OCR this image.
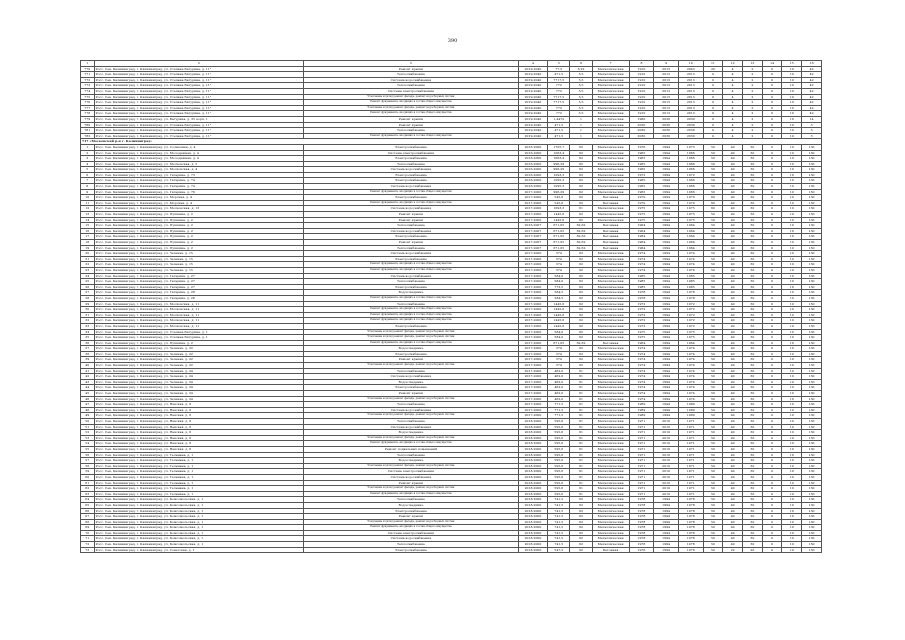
390
1	2	3	4	5	6	7	8	9	10	11	12	13	14	15	16
770	Росс. Сев. Калининград, г. Калининград, ул. Степана Батурина, д. 11"	Ремонт крыши	2019-2040	77,5	6,22	Металлическая	1910	2013	2043	20	4	2	0	10	42
771	Росс. Сев. Калининград, г. Калининград, ул. Степана Батурина, д. 11"	Теплоснабжение	2019-2040	471,5	5,5	Металлическая	1910	2013	2013	0	4	2	0	10	42
772	Росс. Сев. Калининград, г. Калининград, ул. Степана Батурина, д. 11"	Система водоснабжения	2019-2040	7717,5	5,5	Металлическая	1910	2013	2013	0	4	2	0	10	42
773	Росс. Сев. Калининград, г. Калининград, ул. Степана Батурина, д. 11"	Теплоснабжение	2019-2040	772	5,5	Металлическая	1910	2013	2013	0	4	2	0	10	42
774	Росс. Сев. Калининград, г. Калининград, ул. Степана Батурина, д. 11"	Система электроснабжения	2019-2040	772	5,5	Металлическая	1910	2013	2013	0	4	2	0	10	42
775	Росс. Сев. Калининград, г. Калининград, ул. Степана Батурина, д. 11"	Утепление и (или) ремонт фасада, ремонт водосборных систем	2019-2040	7717,5	5,5	Металлическая	1910	2013	2013	0	4	2	0	10	42
776	Росс. Сев. Калининград, г. Калининград, ул. Степана Батурина, д. 11"	Ремонт фундамента, входящих в состав общего имущества	2019-2040	7717,5	5,5	Металлическая	1910	2013	2013	0	4	2	0	10	42
777	Росс. Сев. Калининград, г. Калининград, ул. Степана Батурина, д. 11"	Утепление и (или) ремонт фасада, ремонт водосборных систем	2019-2040	772	5,5	Металлическая	1910	2013	2013	0	4	2	0	10	42
778	Росс. Сев. Калининград, г. Калининград, ул. Степана Батурина, д. 11"	Ремонт фундамента, входящих в состав общего имущества	2019-2040	772	5,5	Металлическая	1910	2013	2013	0	4	2	0	10	42
779	Росс. Сев. Калининград, г. Калининград, ул. Батурина, д. 35 корп. 1	Ремонт крыши	2019-2040	1,4472	1	Металлическая	1980	2030	2030	0	4	2	0	10	14
780	Росс. Сев. Калининград, г. Калининград, ул. Степана Батурина, д. 11"	Ремонт крыши	2019-2040	471,5	1	Металлическая	2030	2030	2030	0	4	2	0	10	3
781	Росс. Сев. Калининград, г. Калининград, ул. Степана Батурина, д. 11"	Теплоснабжение	2019-2040	471,5	1	Металлическая	2030	2030	2030	0	4	2	0	10	3
782	Росс. Сев. Калининград, г. Калининград, ул. Степана Батурина, д. 11"	Ремонт фундамента, входящих в состав общего имущества	2019-2040	471,5	1	Металлическая	2030	2030	2030	0	4	2	0	10	3
717 «Московский р-н г. Калининград»															
1	Росс. Сев. Калининград, г. Калининград, ул. Солнечная, д. 4	Электроснабжение	2016-2000	1705,7	62	Металлическая	1976	1994	1973	50	40	30	0	10	130
2	Росс. Сев. Калининград, г. Калининград, ул. Молодежная, д. 4	Система электроснабжения	2016-2000	1063,4	62	Металлическая	1965	1994	1966	50	40	30	0	10	130
3	Росс. Сев. Калининград, г. Калининград, ул. Молодежная, д. 4	Электроснабжение	2016-2000	1063,4	62	Металлическая	1965	1994	1966	50	40	30	0	10	130
4	Росс. Сев. Калининград, г. Калининград, ул. Московская, д. 5	Теплоснабжение	2016-2000	996,29	62	Металлическая	1965	1994	1966	50	40	30	0	10	130
5	Росс. Сев. Калининград, г. Калининград, ул. Московская, д. 4	Система водоснабжения	2016-2000	996,29	62	Металлическая	1965	1994	1966	50	40	30	0	10	130
6	Росс. Сев. Калининград, г. Калининград, ул. Гагарина, д. 73	Электроснабжение	2016-2000	1093,3	62	Металлическая	1972	1994	1972	50	40	30	0	10	130
7	Росс. Сев. Калининград, г. Калининград, ул. Гагарина, д. 74	Электроснабжение	2016-2000	1095,3	62	Металлическая	1965	1994	1966	50	40	30	0	10	130
8	Росс. Сев. Калининград, г. Калининград, ул. Гагарина, д. 74	Система водоснабжения	2016-2000	1095,3	62	Металлическая	1965	1994	1966	50	40	30	0	10	130
9	Росс. Сев. Калининград, г. Калининград, ул. Гагарина, д. 76	Ремонт фундамента, входящих в состав общего имущества	2017-2000	996,29	62	Металлическая	1965	1994	1966	50	40	30	0	10	130
10	Росс. Сев. Калининград, г. Калининград, ул. Морская, д. 4	Электроснабжение	2017-2000	545,6	62	Бетонная	1970	1994	1970	60	40	30	0	10	130
11	Росс. Сев. Калининград, г. Калининград, ул. Морская, д. 4	Ремонт фундамента, входящих в состав общего имущества	2017-2000	545,6	62	Бетонная	1970	1994	1970	60	40	30	0	10	130
12	Росс. Сев. Калининград, г. Калининград, ул. Московская, д. 13	Система водоснабжения	2017-2000	1093,3	61	Металлическая	1975	1994	1975	60	40	30	0	10	130
13	Росс. Сев. Калининград, г. Калининград, ул. Пушкина, д. 2	Ремонт крыши	2017-2000	1445,6	62	Металлическая	1975	1994	1975	50	40	30	0	10	130
14	Росс. Сев. Калининград, г. Калининград, ул. Пушкина, д. 2	Ремонт крыши	2017-2000	1445,6	62	Металлическая	1975	1994	1975	50	40	30	0	10	130
15	Росс. Сев. Калининград, г. Калининград, ул. Пушкина, д. 2	Теплоснабжение	2016-2007	671,05	62,62	Бетонная	1964	1994	1964	50	40	30	0	10	130
16	Росс. Сев. Калининград, г. Калининград, ул. Пушкина, д. 2	Система водоснабжения	2017-2007	671,05	62,62	Бетонная	1964	1994	1964	50	40	30	0	10	130
17	Росс. Сев. Калининград, г. Калининград, ул. Пушкина, д. 2	Электроснабжение	2017-2007	671,05	62,62	Бетонная	1964	1994	1964	50	40	30	0	10	130
18	Росс. Сев. Калининград, г. Калининград, ул. Пушкина, д. 2	Ремонт крыши	2017-2007	671,05	62,62	Бетонная	1964	1994	1964	50	40	30	0	10	130
19	Росс. Сев. Калининград, г. Калининград, ул. Пушкина, д. 2	Теплоснабжение	2017-2007	671,05	62,62	Бетонная	1964	1994	1964	50	40	30	0	10	130
20	Росс. Сев. Калининград, г. Калининград, ул. Зеленая, д. 15	Система водоснабжения	2017-2000	374	62	Металлическая	1974	1994	1974	50	40	30	0	10	130
21	Росс. Сев. Калининград, г. Калининград, ул. Зеленая, д. 15	Электроснабжение	2017-2000	374	62	Металлическая	1974	1994	1974	50	40	30	0	10	130
22	Росс. Сев. Калининград, г. Калининград, ул. Зеленая, д. 15	Ремонт фундамента, входящих в состав общего имущества	2017-2000	374	62	Металлическая	1974	1994	1974	50	40	30	0	10	130
23	Росс. Сев. Калининград, г. Калининград, ул. Зеленая, д. 15	Ремонт фундамента, входящих в состав общего имущества	2017-2000	374	62	Металлическая	1974	1994	1974	50	40	30	0	10	130
24	Росс. Сев. Калининград, г. Калининград, ул. Гагарина, д. 27	Система водоснабжения	2017-2000	584,0	62	Металлическая	1985	1994	1985	50	40	30	0	10	130
25	Росс. Сев. Калининград, г. Калининград, ул. Гагарина, д. 27	Теплоснабжение	2017-2000	584,0	62	Металлическая	1985	1994	1985	50	40	30	0	10	130
26	Росс. Сев. Калининград, г. Калининград, ул. Гагарина, д. 27	Электроснабжение	2017-2000	772,5	62	Металлическая	1985	1994	1985	50	40	30	0	10	130
27	Росс. Сев. Калининград, г. Калининград, ул. Гагарина, д. 28	Водоотведение	2017-2000	584,5	62	Металлическая	1978	1994	1978	50	40	30	0	10	130
28	Росс. Сев. Калининград, г. Калининград, ул. Гагарина, д. 28	Ремонт фундамента, входящих в состав общего имущества	2017-2000	584,5	62	Металлическая	1978	1994	1978	50	40	30	0	10	130
29	Росс. Сев. Калининград, г. Калининград, ул. Московская, д. 11	Теплоснабжение	2017-2000	1445,6	62	Металлическая	1972	1994	1972	50	40	30	0	10	130
30	Росс. Сев. Калининград, г. Калининград, ул. Московская, д. 11	Ремонт фундамента, входящих в состав общего имущества	2017-2000	1445,6	62	Металлическая	1972	1994	1972	50	40	30	0	10	130
31	Росс. Сев. Калининград, г. Калининград, ул. Московская, д. 11	Ремонт фундамента, входящих в состав общего имущества	2017-2000	1445,6	62	Металлическая	1972	1994	1972	50	40	30	0	10	130
32	Росс. Сев. Калининград, г. Калининград, ул. Московская, д. 11	Ремонт фундамента, входящих в состав общего имущества	2017-2000	1445,6	62	Металлическая	1972	1994	1972	50	40	30	0	10	130
33	Росс. Сев. Калининград, г. Калининград, ул. Московская, д. 11	Электроснабжение	2017-2000	1445,6	62	Металлическая	1972	1994	1972	50	40	30	0	10	130
34	Росс. Сев. Калининград, г. Калининград, ул. Степана Батурина, д. 1	Утепление и (или) ремонт фасада, ремонт водосборных систем	2017-2000	584,0	62	Металлическая	1975	1994	1975	50	40	30	0	10	130
35	Росс. Сев. Калининград, г. Калининград, ул. Степана Батурина, д. 1	Утепление и (или) ремонт фасада, ремонт водосборных систем	2017-2000	584,0	62	Металлическая	1975	1994	1975	50	40	30	0	10	130
36	Росс. Сев. Калининград, г. Калининград, ул. Пушкина, д. 2	Ремонт фундамента, входящих в состав общего имущества	2017-2000	671,05	62,62	Бетонная	1964	1994	1964	50	40	30	0	10	130
37	Росс. Сев. Калининград, г. Калининград, ул. Зеленая, д. 22	Водоотведение	2017-2000	374	62	Металлическая	1974	1994	1974	50	40	30	0	10	130
38	Росс. Сев. Калининград, г. Калининград, ул. Зеленая, д. 22	Электроснабжение	2017-2000	374	62	Металлическая	1974	1994	1974	50	40	30	0	10	130
39	Росс. Сев. Калининград, г. Калининград, ул. Зеленая, д. 22	Ремонт крыши	2017-2000	374	62	Металлическая	1974	1994	1974	50	40	30	0	10	130
40	Росс. Сев. Калининград, г. Калининград, ул. Зеленая, д. 22	Утепление и (или) ремонт фасада, ремонт водосборных систем	2017-2000	374	62	Металлическая	1974	1994	1974	50	40	30	0	10	130
41	Росс. Сев. Калининград, г. Калининград, ул. Зеленая, д. 24	Теплоснабжение	2017-2000	462,0	61	Металлическая	1974	1994	1974	50	40	30	0	10	130
42	Росс. Сев. Калининград, г. Калининград, ул. Зеленая, д. 24	Система водоснабжения	2017-2000	462,0	61	Металлическая	1974	1994	1974	50	40	30	0	10	130
43	Росс. Сев. Калининград, г. Калининград, ул. Зеленая, д. 24	Водоотведение	2017-2000	462,0	61	Металлическая	1974	1994	1974	50	40	30	0	10	130
44	Росс. Сев. Калининград, г. Калининград, ул. Зеленая, д. 24	Электроснабжение	2017-2000	462,0	61	Металлическая	1974	1994	1974	50	40	30	0	10	130
45	Росс. Сев. Калининград, г. Калининград, ул. Зеленая, д. 24	Ремонт крыши	2017-2000	462,0	61	Металлическая	1974	1994	1974	50	40	30	0	10	130
46	Росс. Сев. Калининград, г. Калининград, ул. Зеленая, д. 24	Утепление и (или) ремонт фасада, ремонт водосборных систем	2017-2000	462,0	61	Металлическая	1974	1994	1974	50	40	30	0	10	130
47	Росс. Сев. Калининград, г. Калининград, ул. Невская, д. 6	Теплоснабжение	2017-2000	771,5	61	Металлическая	1989	1994	1989	50	40	30	0	10	130
48	Росс. Сев. Калининград, г. Калининград, ул. Невская, д. 6	Система водоснабжения	2017-2000	771,5	61	Металлическая	1989	1994	1989	50	40	30	0	10	130
49	Росс. Сев. Калининград, г. Калининград, ул. Невская, д. 6	Утепление и (или) ремонт фасада, ремонт водосборных систем	2017-2000	771,5	61	Металлическая	1989	1994	1989	50	40	30	0	10	130
50	Росс. Сев. Калининград, г. Калининград, ул. Невская, д. 6	Теплоснабжение	2018-2000	595,6	61	Металлическая	1971	2010	1971	50	40	30	0	10	130
51	Росс. Сев. Калининград, г. Калининград, ул. Невская, д. 6	Система водоснабжения	2018-2000	595,6	61	Металлическая	1971	2010	1971	50	40	30	0	10	130
52	Росс. Сев. Калининград, г. Калининград, ул. Невская, д. 6	Водоотведение	2018-2000	595,6	61	Металлическая	1971	2010	1971	50	40	30	0	10	130
53	Росс. Сев. Калининград, г. Калининград, ул. Невская, д. 6	Утепление и (или) ремонт фасада, ремонт водосборных систем	2018-2000	595,6	61	Металлическая	1971	2010	1971	50	40	30	0	10	130
54	Росс. Сев. Калининград, г. Калининград, ул. Невская, д. 6	Ремонт фундамента, входящих в состав общего имущества	2018-2000	595,6	61	Металлическая	1971	2010	1971	50	40	30	0	10	130
55	Росс. Сев. Калининград, г. Калининград, ул. Невская, д. 6	Ремонт подвальных помещений	2018-2000	595,6	61	Металлическая	1971	2010	1971	50	40	30	0	10	130
56	Росс. Сев. Калининград, г. Калининград, ул. Тельмана, д. 1	Теплоснабжение	2018-2000	595,6	61	Металлическая	1971	2010	1971	50	40	30	0	10	130
57	Росс. Сев. Калининград, г. Калининград, ул. Тельмана, д. 1	Водоотведение	2018-2000	595,6	61	Металлическая	1971	2010	1971	50	40	30	0	10	130
58	Росс. Сев. Калининград, г. Калининград, ул. Тельмана, д. 1	Утепление и (или) ремонт фасада, ремонт водосборных систем	2018-2000	595,6	61	Металлическая	1971	2010	1971	50	40	30	0	10	130
59	Росс. Сев. Калининград, г. Калининград, ул. Тельмана, д. 1	Система электроснабжения	2018-2000	595,6	61	Металлическая	1971	2010	1971	50	40	30	0	10	130
60	Росс. Сев. Калининград, г. Калининград, ул. Тельмана, д. 1	Система водоснабжения	2018-2000	595,6	61	Металлическая	1971	2010	1971	50	40	30	0	10	130
61	Росс. Сев. Калининград, г. Калининград, ул. Тельмана, д. 1	Ремонт крыши	2018-2000	595,6	61	Металлическая	1971	2010	1971	50	40	30	0	10	130
62	Росс. Сев. Калининград, г. Калининград, ул. Тельмана, д. 1	Утепление и (или) ремонт фасада, ремонт водосборных систем	2018-2000	595,6	61	Металлическая	1971	2010	1971	50	40	30	0	10	130
63	Росс. Сев. Калининград, г. Калининград, ул. Тельмана, д. 1	Ремонт фундамента, входящих в состав общего имущества	2018-2000	595,6	61	Металлическая	1971	2010	1971	50	40	30	0	10	130
64	Росс. Сев. Калининград, г. Калининград, ул. Комсомольская, д. 1	Теплоснабжение	2018-2000	741,5	62	Металлическая	1978	1994	1978	50	40	30	0	10	130
65	Росс. Сев. Калининград, г. Калининград, ул. Комсомольская, д. 1	Водоотведение	2018-2000	741,5	62	Металлическая	1978	1994	1978	50	40	30	0	10	130
66	Росс. Сев. Калининград, г. Калининград, ул. Комсомольская, д. 1	Электроснабжение	2018-2000	741,5	62	Металлическая	1978	1994	1978	50	40	30	0	10	130
67	Росс. Сев. Калининград, г. Калининград, ул. Комсомольская, д. 1	Ремонт крыши	2018-2000	741,5	62	Металлическая	1978	1994	1978	50	40	30	0	10	130
68	Росс. Сев. Калининград, г. Калининград, ул. Комсомольская, д. 1	Утепление и (или) ремонт фасада, ремонт водосборных систем	2018-2000	741,5	62	Металлическая	1978	1994	1978	50	40	30	0	10	130
69	Росс. Сев. Калининград, г. Калининград, ул. Комсомольская, д. 1	Ремонт фундамента, входящих в состав общего имущества	2018-2000	741,5	62	Металлическая	1978	1994	1978	50	40	30	0	10	130
70	Росс. Сев. Калининград, г. Калининград, ул. Комсомольская, д. 1	Система электроснабжения	2018-2000	741,5	62	Металлическая	1978	1994	1978	50	40	30	0	10	130
71	Росс. Сев. Калининград, г. Калининград, ул. Комсомольская, д. 1	Система водоснабжения	2018-2000	741,5	62	Металлическая	1978	1994	1978	50	40	30	0	10	130
72	Росс. Сев. Калининград, г. Калининград, ул. Комсомольская, д. 1	Теплоснабжение	2018-2000	741,5	62	Металлическая	1978	1994	1978	50	40	30	0	10	130
73	Росс. Сев. Калининград, г. Калининград, ул. Советская, д. 1	Электроснабжение	2018-2000	547,5	62	Бетонная	1976	1994	1976	50	22	20	0	10	130
